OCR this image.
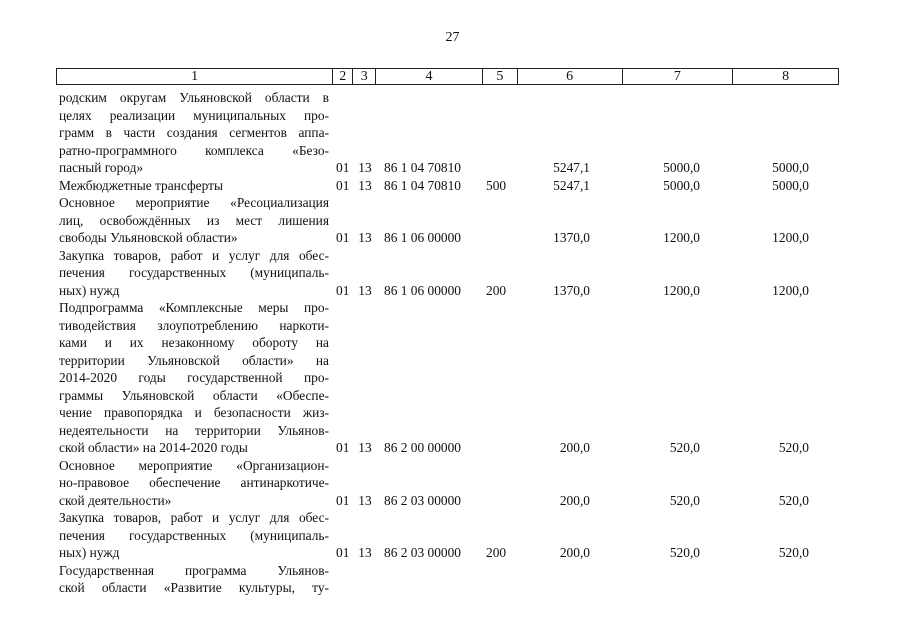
27
1	2	3	4	5	6	7	8
родским округам Ульяновской области в
целях реализации муниципальных про-
грамм в части создания сегментов аппа-
ратно-программного комплекса «Безо-
пасный город»	01 13 86 1 04 70810	5247,1	5000,0	5000,0
Межбюджетные трансферты	01 13 86 1 04 70810	500	5247,1	5000,0	5000,0
Основное мероприятие «Ресоциализация
лиц, освобождённых из мест лишения
свободы Ульяновской области»	01 13 86 1 06 00000	1370,0	1200,0	1200,0
Закупка товаров, работ и услуг для обес-
печения государственных (муниципаль-
ных) нужд	01 13 86 1 06 00000	200	1370,0	1200,0	1200,0
Подпрограмма «Комплексные меры про-
тиводействия злоупотреблению наркоти-
ками и их незаконному обороту на
территории Ульяновской области» на
2014-2020 годы государственной про-
граммы Ульяновской области «Обеспе-
чение правопорядка и безопасности жиз-
недеятельности на территории Ульянов-
ской области» на 2014-2020 годы	01 13 86 2 00 00000	200,0	520,0	520,0
Основное мероприятие «Организацион-
но-правовое обеспечение антинаркотиче-
ской деятельности»	01 13 86 2 03 00000	200,0	520,0	520,0
Закупка товаров, работ и услуг для обес-
печения государственных (муниципаль-
ных) нужд	01 13 86 2 03 00000	200	200,0	520,0	520,0
Государственная программа Ульянов-
ской области «Развитие культуры, ту-
